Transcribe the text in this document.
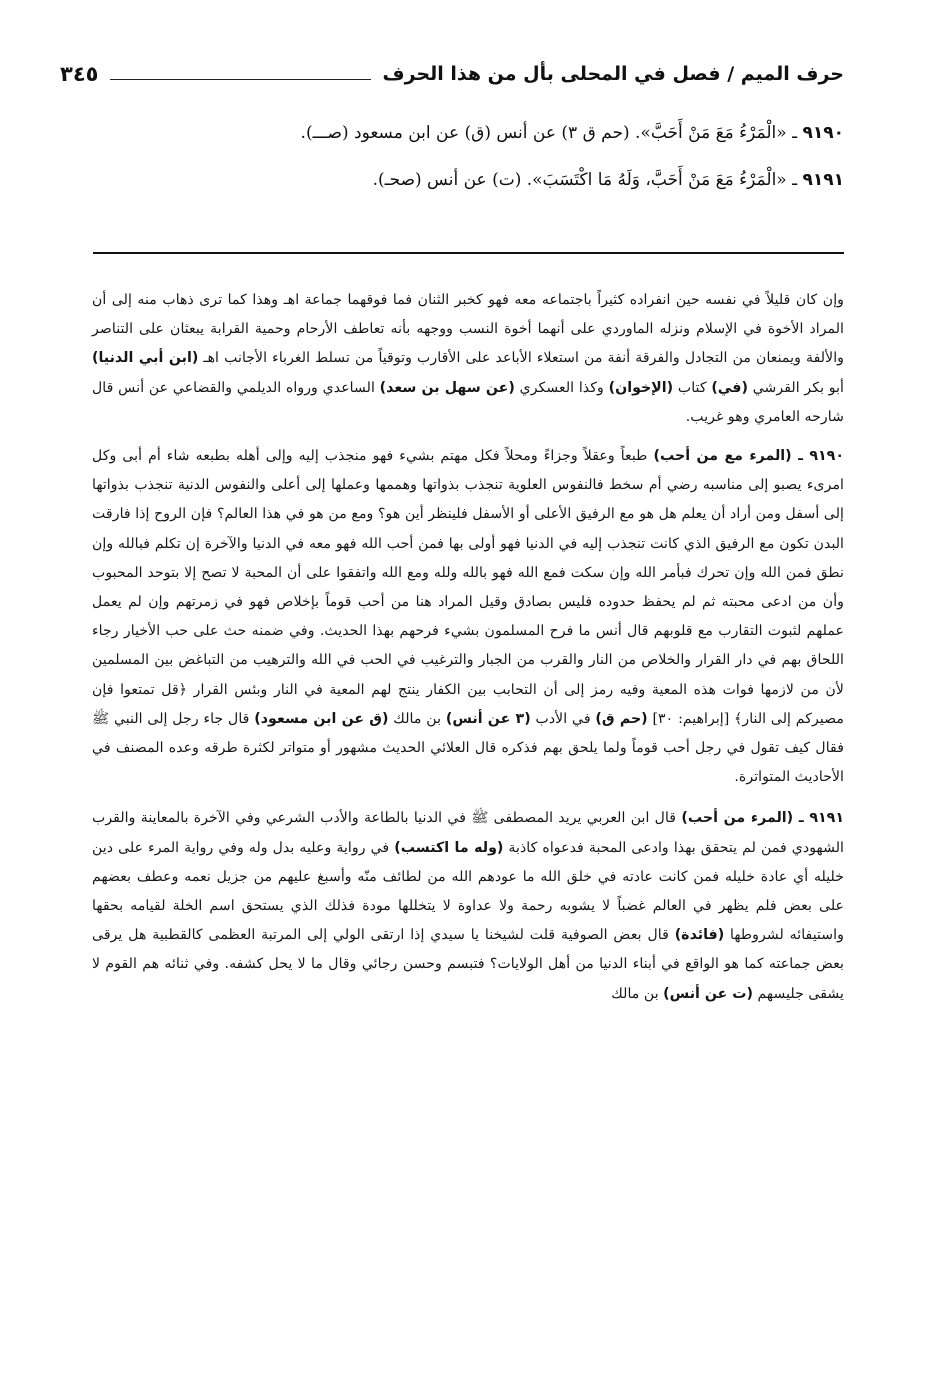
حرف الميم / فصل في المحلى بأل من هذا الحرف
٣٤٥
٩١٩٠ ـ «الْمَرْءُ مَعَ مَنْ أَحَبَّ». (حم ق ٣) عن أنس (ق) عن ابن مسعود (صـــ).
٩١٩١ ـ «الْمَرْءُ مَعَ مَنْ أَحَبَّ، وَلَهُ مَا اكْتَسَبَ». (ت) عن أنس (صحـ).

وإن كان قليلاً في نفسه حين انفراده كثيراً باجتماعه معه فهو كخبر الثنان فما فوقهما جماعة اهـ وهذا كما ترى ذهاب منه إلى أن المراد الأخوة في الإسلام ونزله الماوردي على أنهما أخوة النسب ووجهه بأنه تعاطف الأرحام وحمية القرابة يبعثان على التناصر والألفة ويمنعان من التجادل والفرقة أنفة من استعلاء الأباعد على الأقارب وتوقياً من تسلط الغرباء الأجانب اهـ (ابن أبي الدنيا) أبو بكر القرشي (في) كتاب (الإخوان) وكذا العسكري (عن سهل بن سعد) الساعدي ورواه الديلمي والقضاعي عن أنس قال شارحه العامري وهو غريب.

٩١٩٠ ـ (المرء مع من أحب) طبعاً وعقلاً وجزاءً ومحلاً فكل مهتم بشيء فهو منجذب إليه وإلى أهله بطبعه شاء أم أبى وكل امرىء يصبو إلى مناسبه رضي أم سخط فالنفوس العلوية تنجذب بذواتها وهممها وعملها إلى أعلى والنفوس الدنية تنجذب بذواتها إلى أسفل ومن أراد أن يعلم هل هو مع الرفيق الأعلى أو الأسفل فلينظر أين هو؟ ومع من هو في هذا العالم؟ فإن الروح إذا فارقت البدن تكون مع الرفيق الذي كانت تنجذب إليه في الدنيا فهو أولى بها فمن أحب الله فهو معه في الدنيا والآخرة إن تكلم فبالله وإن نطق فمن الله وإن تحرك فبأمر الله وإن سكت فمع الله فهو بالله ولله ومع الله واتفقوا على أن المحبة لا تصح إلا بتوحد المحبوب وأن من ادعى محبته ثم لم يحفظ حدوده فليس بصادق وقيل المراد هنا من أحب قوماً بإخلاص فهو في زمرتهم وإن لم يعمل عملهم لثبوت التقارب مع قلوبهم قال أنس ما فرح المسلمون بشيء فرحهم بهذا الحديث. وفي ضمنه حث على حب الأخيار رجاء اللحاق بهم في دار القرار والخلاص من النار والقرب من الجبار والترغيب في الحب في الله والترهيب من التباغض بين المسلمين لأن من لازمها فوات هذه المعية وفيه رمز إلى أن التحابب بين الكفار ينتج لهم المعية في النار وبئس القرار ﴿قل تمتعوا فإن مصيركم إلى النار﴾ [إبراهيم: ٣٠] (حم ق) في الأدب (٣ عن أنس) بن مالك (ق عن ابن مسعود) قال جاء رجل إلى النبي ﷺ فقال كيف تقول في رجل أحب قوماً ولما يلحق بهم فذكره قال العلائي الحديث مشهور أو متواتر لكثرة طرقه وعده المصنف في الأحاديث المتواترة.

٩١٩١ ـ (المرء من أحب) قال ابن العربي يريد المصطفى ﷺ في الدنيا بالطاعة والأدب الشرعي وفي الآخرة بالمعاينة والقرب الشهودي فمن لم يتحقق بهذا وادعى المحبة فدعواه كاذبة (وله ما اكتسب) في رواية وعليه بدل وله وفي رواية المرء على دين خليله أي عادة خليله فمن كانت عادته في خلق الله ما عودهم الله من لطائف منّه وأسبغ عليهم من جزيل نعمه وعطف بعضهم على بعض فلم يظهر في العالم غضباً لا يشوبه رحمة ولا عداوة لا يتخللها مودة فذلك الذي يستحق اسم الخلة لقيامه بحقها واستيفائه لشروطها (فائدة) قال بعض الصوفية قلت لشيخنا يا سيدي إذا ارتقى الولي إلى المرتبة العظمى كالقطبية هل يرقى بعض جماعته كما هو الواقع في أبناء الدنيا من أهل الولايات؟ فتبسم وحسن رجائي وقال ما لا يحل كشفه. وفي ثنائه هم القوم لا يشقى جليسهم (ت عن أنس) بن مالك
